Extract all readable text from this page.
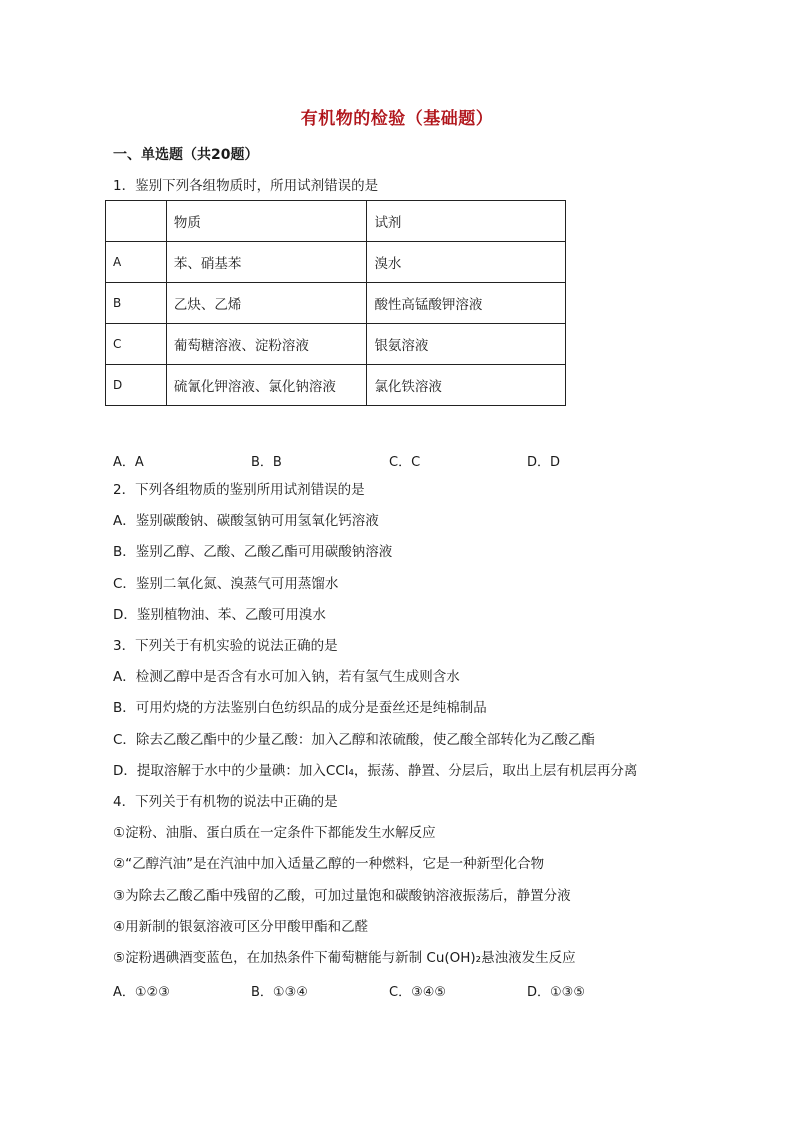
有机物的检验（基础题）
一、单选题（共20题）
1．鉴别下列各组物质时，所用试剂错误的是
	物质	试剂
A	苯、硝基苯	溴水
B	乙炔、乙烯	酸性高锰酸钾溶液
C	葡萄糖溶液、淀粉溶液	银氨溶液
D	硫氰化钾溶液、氯化钠溶液	氯化铁溶液
A．A	B．B	C．C	D．D
2．下列各组物质的鉴别所用试剂错误的是
A．鉴别碳酸钠、碳酸氢钠可用氢氧化钙溶液
B．鉴别乙醇、乙酸、乙酸乙酯可用碳酸钠溶液
C．鉴别二氧化氮、溴蒸气可用蒸馏水
D．鉴别植物油、苯、乙酸可用溴水
3．下列关于有机实验的说法正确的是
A．检测乙醇中是否含有水可加入钠，若有氢气生成则含水
B．可用灼烧的方法鉴别白色纺织品的成分是蚕丝还是纯棉制品
C．除去乙酸乙酯中的少量乙酸：加入乙醇和浓硫酸，使乙酸全部转化为乙酸乙酯
D．提取溶解于水中的少量碘：加入CCl₄，振荡、静置、分层后，取出上层有机层再分离
4．下列关于有机物的说法中正确的是
①淀粉、油脂、蛋白质在一定条件下都能发生水解反应
②“乙醇汽油”是在汽油中加入适量乙醇的一种燃料，它是一种新型化合物
③为除去乙酸乙酯中残留的乙酸，可加过量饱和碳酸钠溶液振荡后，静置分液
④用新制的银氨溶液可区分甲酸甲酯和乙醛
⑤淀粉遇碘酒变蓝色，在加热条件下葡萄糖能与新制 Cu(OH)₂悬浊液发生反应
A．①②③	B．①③④	C．③④⑤	D．①③⑤
